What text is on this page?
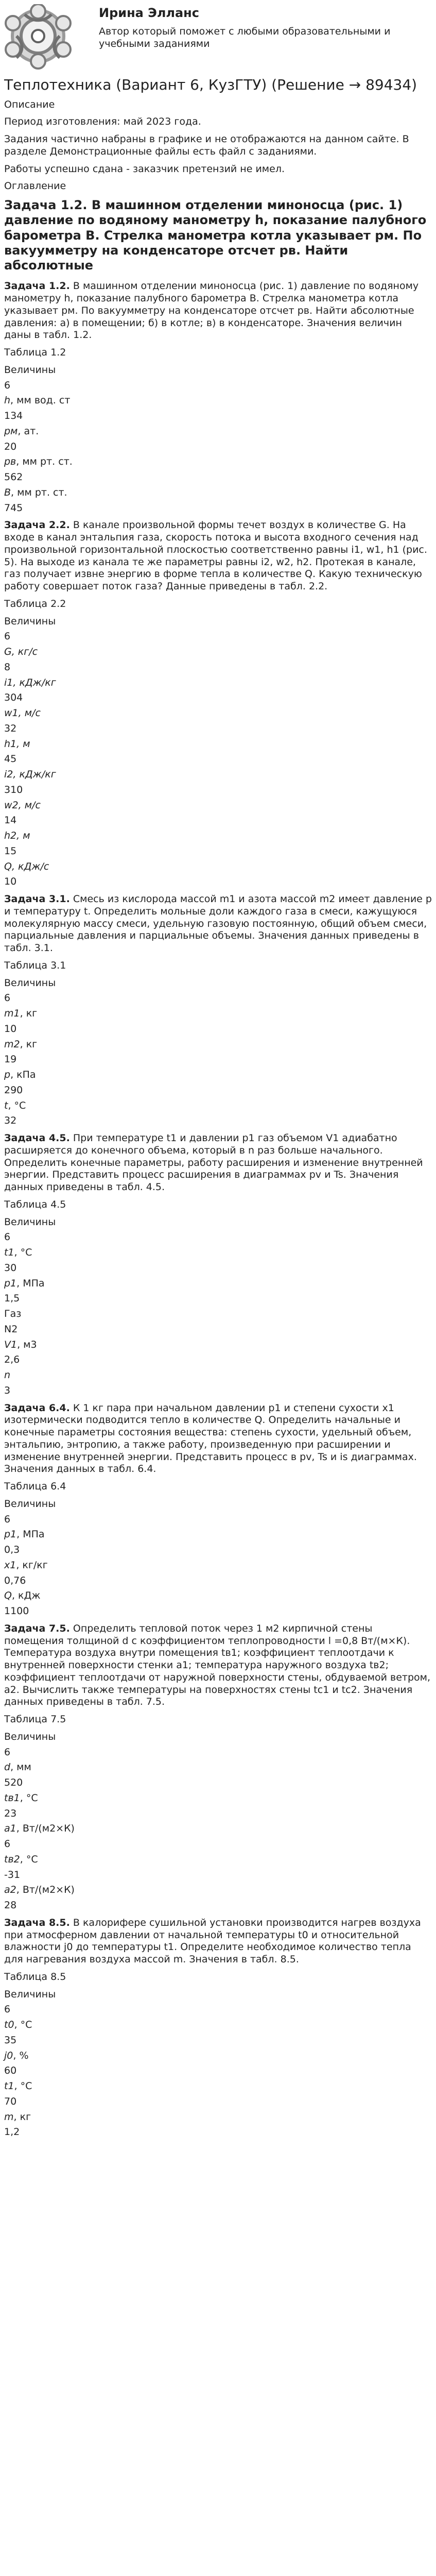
Ирина Элланс
Автор который поможет с любыми образовательными и
учебными заданиями
Теплотехника (Вариант 6, КузГТУ) (Решение → 89434)
Описание
Период изготовления: май 2023 года.
Задания частично набраны в графике и не отображаются на данном сайте. В разделе Демонстрационные файлы есть файл с заданиями.
Работы успешно сдана - заказчик претензий не имел.
Оглавление
Задача 1.2. В машинном отделении миноносца (рис. 1) давление по водяному манометру h, показание палубного барометра B. Стрелка манометра котла указывает pм. По вакуумметру на конденсаторе отсчет pв. Найти абсолютные
Задача 1.2. В машинном отделении миноносца (рис. 1) давление по водяному манометру h, показание палубного барометра B. Стрелка манометра котла указывает pм. По вакуумметру на конденсаторе отсчет pв. Найти абсолютные давления: а) в помещении; б) в котле; в) в конденсаторе. Значения величин даны в табл. 1.2.
Таблица 1.2
Величины
6
h, мм вод. ст
134
pм, ат.
20
pв, мм рт. ст.
562
B, мм рт. ст.
745
Задача 2.2. В канале произвольной формы течет воздух в количестве G. На входе в канал энтальпия газа, скорость потока и высота входного сечения над произвольной горизонтальной плоскостью соответственно равны i1, w1, h1 (рис. 5). На выходе из канала те же параметры равны i2, w2, h2. Протекая в канале, газ получает извне энергию в форме тепла в количестве Q. Какую техническую работу совершает поток газа? Данные приведены в табл. 2.2.
Таблица 2.2
Величины
6
G, кг/с
8
i1, кДж/кг
304
w1, м/с
32
h1, м
45
i2, кДж/кг
310
w2, м/с
14
h2, м
15
Q, кДж/с
10
Задача 3.1. Смесь из кислорода массой m1 и азота массой m2 имеет давление p и температуру t. Определить мольные доли каждого газа в смеси, кажущуюся молекулярную массу смеси, удельную газовую постоянную, общий объем смеси, парциальные давления и парциальные объемы. Значения данных приведены в табл. 3.1.
Таблица 3.1
Величины
6
m1, кг
10
m2, кг
19
p, кПа
290
t, °С
32
Задача 4.5. При температуре t1 и давлении p1 газ объемом V1 адиабатно расширяется до конечного объема, который в n раз больше начального. Определить конечные параметры, работу расширения и изменение внутренней энергии. Представить процесс расширения в диаграммах pv и Ts. Значения данных приведены в табл. 4.5.
Таблица 4.5
Величины
6
t1, °С
30
p1, МПа
1,5
Газ
N2
V1, м3
2,6
n
3
Задача 6.4. К 1 кг пара при начальном давлении p1 и степени сухости x1 изотермически подводится тепло в количестве Q. Определить начальные и конечные параметры состояния вещества: степень сухости, удельный объем, энтальпию, энтропию, а также работу, произведенную при расширении и изменение внутренней энергии. Представить процесс в pv, Ts и is диаграммах. Значения данных в табл. 6.4.
Таблица 6.4
Величины
6
p1, МПа
0,3
x1, кг/кг
0,76
Q, кДж
1100
Задача 7.5. Определить тепловой поток через 1 м2 кирпичной стены помещения толщиной d с коэффициентом теплопроводности l =0,8 Вт/(м×К). Температура воздуха внутри помещения tв1; коэффициент теплоотдачи к внутренней поверхности стенки a1; температура наружного воздуха tв2; коэффициент теплоотдачи от наружной поверхности стены, обдуваемой ветром, a2. Вычислить также температуры на поверхностях стены tс1 и tс2. Значения данных приведены в табл. 7.5.
Таблица 7.5
Величины
6
d, мм
520
tв1, °С
23
a1, Вт/(м2×К)
6
tв2, °С
-31
a2, Вт/(м2×К)
28
Задача 8.5. В калорифере сушильной установки производится нагрев воздуха при атмосферном давлении от начальной температуры t0 и относительной влажности j0 до температуры t1. Определите необходимое количество тепла для нагревания воздуха массой m. Значения в табл. 8.5.
Таблица 8.5
Величины
6
t0, °С
35
j0, %
60
t1, °С
70
m, кг
1,2
